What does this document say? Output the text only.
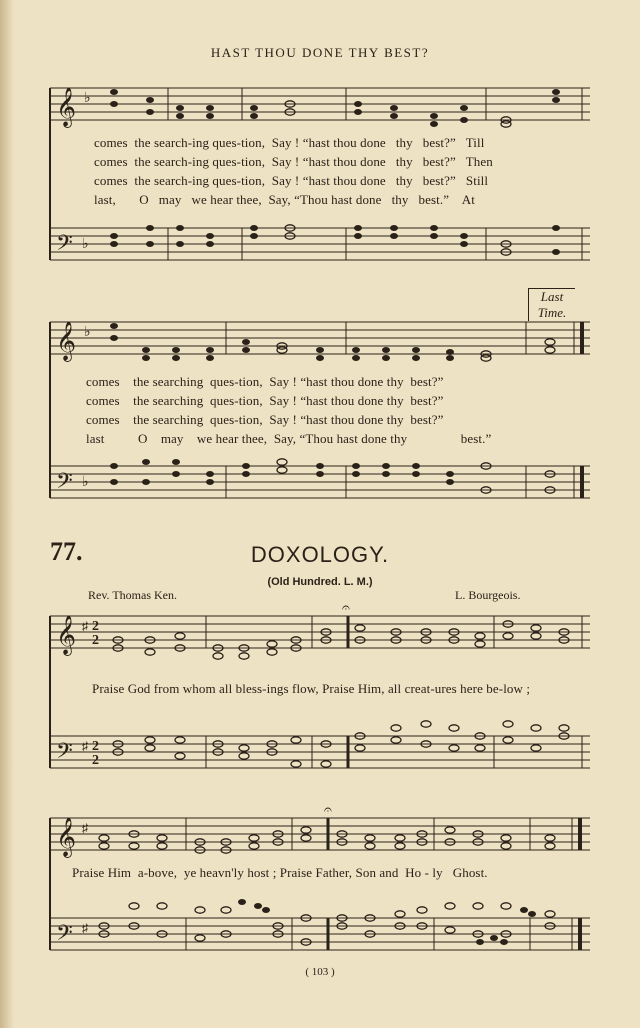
HAST THOU DONE THY BEST?
𝄞 ♭
𝄢 ♭
comes  the search-ing ques-tion,  Say ! “hast thou done   thy   best?”   Till
comes  the search-ing ques-tion,  Say ! “hast thou done   thy   best?”   Then
comes  the search-ing ques-tion,  Say ! “hast thou done   thy   best?”   Still
last,       O   may   we hear thee,  Say, “Thou hast done   thy   best.”    At
Last Time.
𝄞 ♭
𝄢 ♭
comes    the searching  ques-tion,  Say ! “hast thou done thy  best?”
comes    the searching  ques-tion,  Say ! “hast thou done thy  best?”
comes    the searching  ques-tion,  Say ! “hast thou done thy  best?”
last          O    may    we hear thee,  Say, “Thou hast done thy                best.”
77.	DOXOLOGY.
(Old Hundred. L. M.)
Rev. Thomas Ken.	L. Bourgeois.
𝄞 ♯ 2
2
𝄢 ♯ 2
2
𝄐
Praise God from whom all bless-ings flow, Praise Him, all creat-ures here be-low ;
𝄞 ♯
𝄢 ♯
𝄐
Praise Him  a-bove,  ye heavn'ly host ; Praise Father, Son and  Ho - ly   Ghost.
( 103 )
